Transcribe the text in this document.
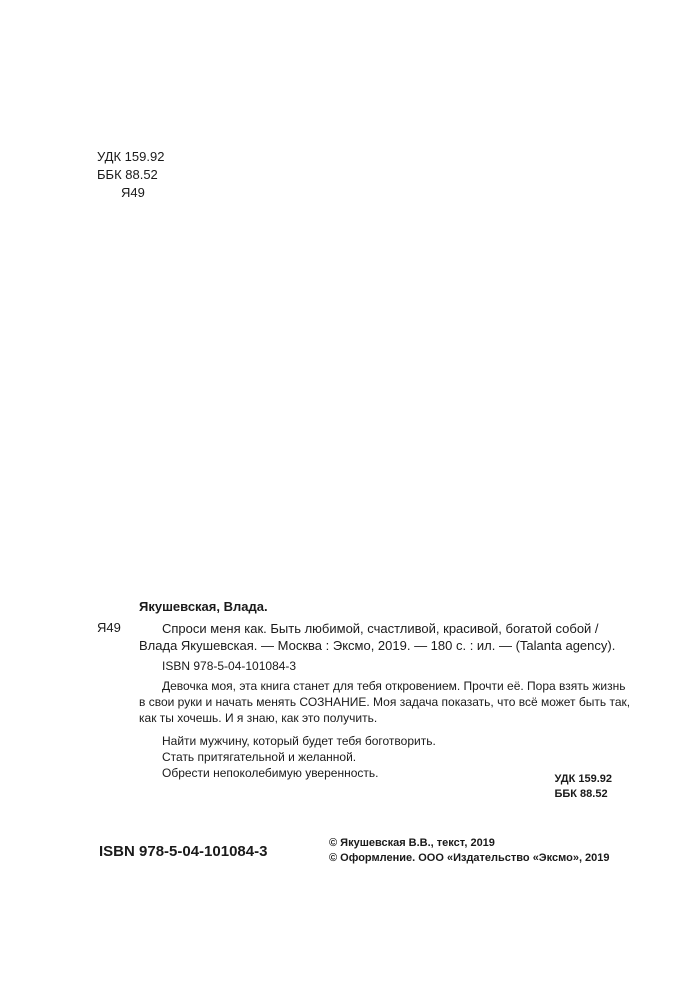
УДК 159.92
ББК 88.52
Я49
Якушевская, Влада.
Я49	Спроси меня как. Быть любимой, счастливой, красивой, богатой собой /
Влада Якушевская. — Москва : Эксмо, 2019. — 180 с. : ил. — (Talanta agency).
ISBN 978-5-04-101084-3
Девочка моя, эта книга станет для тебя откровением. Прочти её. Пора взять жизнь
в свои руки и начать менять СОЗНАНИЕ. Моя задача показать, что всё может быть так,
как ты хочешь. И я знаю, как это получить.
Найти мужчину, который будет тебя боготворить.
Стать притягательной и желанной.
Обрести непоколебимую уверенность.	УДК 159.92
ББК 88.52
ISBN 978-5-04-101084-3	© Якушевская В.В., текст, 2019
© Оформление. ООО «Издательство «Эксмо», 2019
